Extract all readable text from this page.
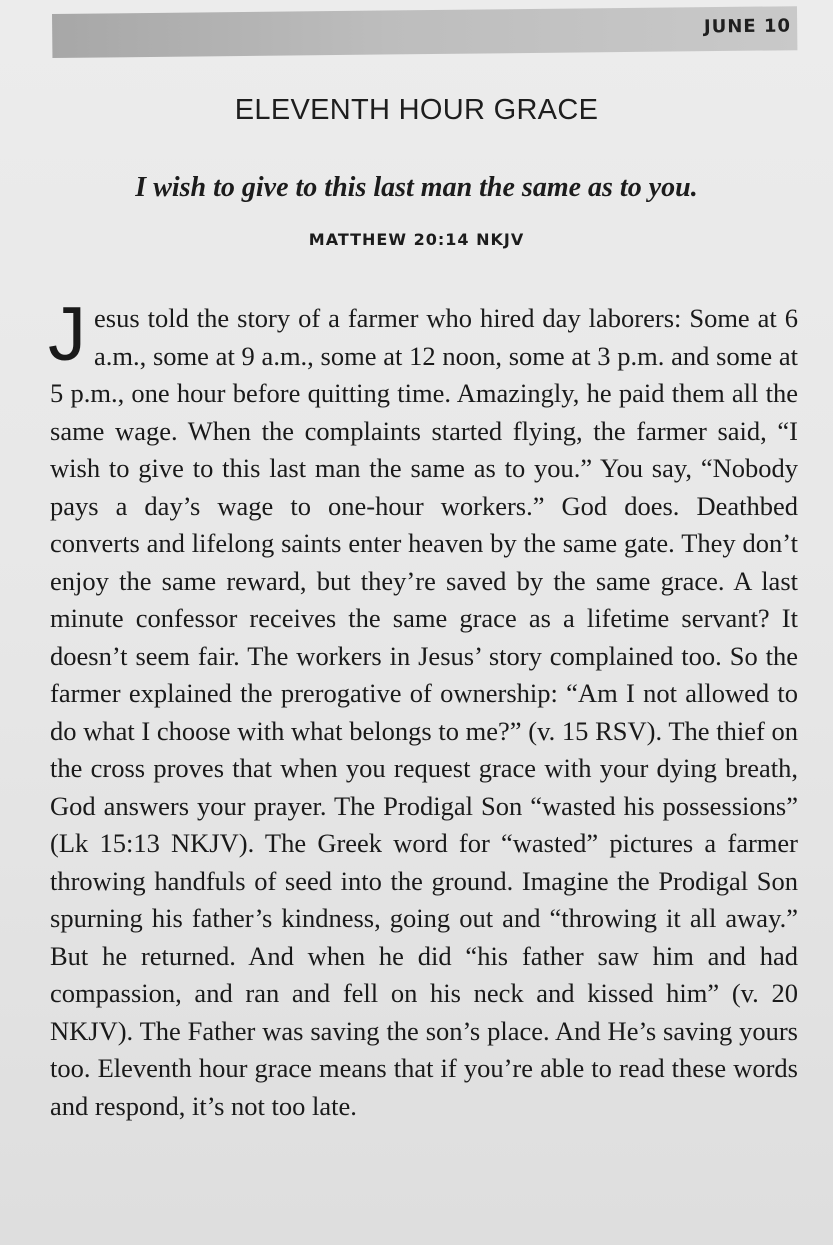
JUNE 10
ELEVENTH HOUR GRACE
I wish to give to this last man the same as to you.
MATTHEW 20:14 NKJV
Jesus told the story of a farmer who hired day laborers: Some at 6 a.m., some at 9 a.m., some at 12 noon, some at 3 p.m. and some at 5 p.m., one hour before quitting time. Amazingly, he paid them all the same wage. When the complaints started flying, the farmer said, “I wish to give to this last man the same as to you.” You say, “Nobody pays a day’s wage to one-hour workers.” God does. Deathbed converts and lifelong saints enter heaven by the same gate. They don’t enjoy the same reward, but they’re saved by the same grace. A last minute confessor receives the same grace as a lifetime servant? It doesn’t seem fair. The workers in Jesus’ story complained too. So the farmer explained the prerogative of ownership: “Am I not allowed to do what I choose with what belongs to me?” (v. 15 RSV). The thief on the cross proves that when you request grace with your dying breath, God answers your prayer. The Prodigal Son “wasted his possessions” (Lk 15:13 NKJV). The Greek word for “wasted” pictures a farmer throwing handfuls of seed into the ground. Imagine the Prodigal Son spurning his father’s kindness, going out and “throwing it all away.” But he returned. And when he did “his father saw him and had compassion, and ran and fell on his neck and kissed him” (v. 20 NKJV). The Father was saving the son’s place. And He’s saving yours too. Eleventh hour grace means that if you’re able to read these words and respond, it’s not too late.
